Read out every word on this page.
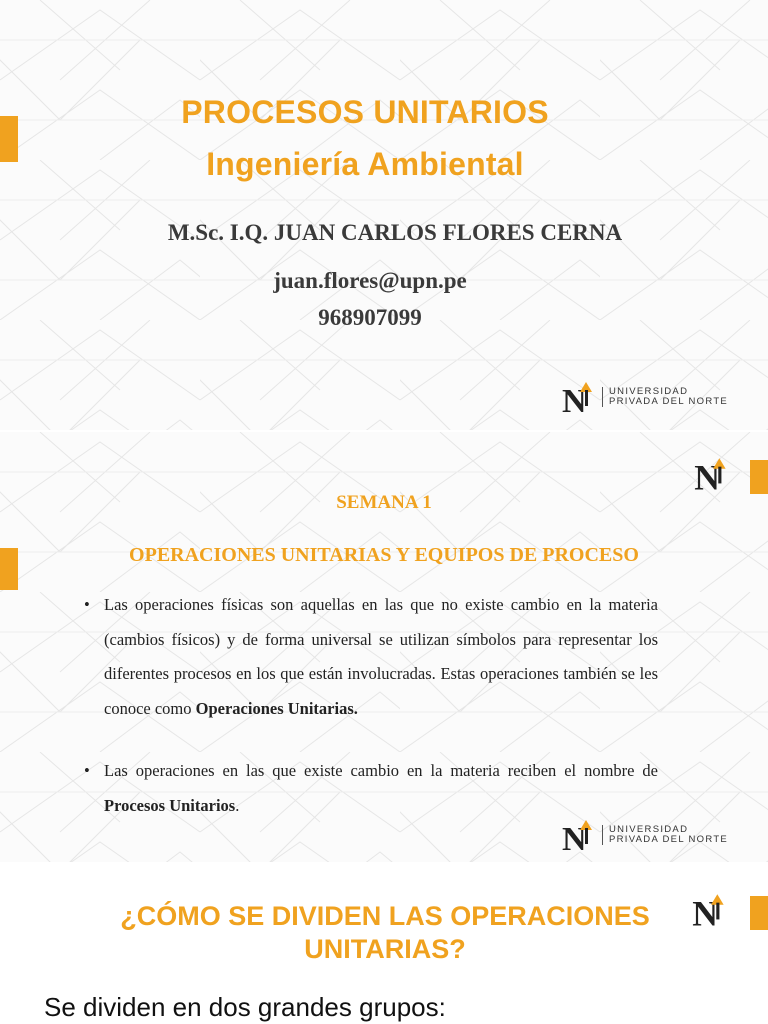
PROCESOS UNITARIOS
Ingeniería Ambiental
M.Sc. I.Q. JUAN CARLOS FLORES CERNA
juan.flores@upn.pe
968907099
UNIVERSIDAD
PRIVADA DEL NORTE
SEMANA 1
OPERACIONES UNITARIAS Y EQUIPOS DE PROCESO
• Las operaciones físicas son aquellas en las que no existe cambio en la materia (cambios físicos) y de forma universal se utilizan símbolos para representar los diferentes procesos en los que están involucradas. Estas operaciones también se les conoce como Operaciones Unitarias.
• Las operaciones en las que existe cambio en la materia reciben el nombre de Procesos Unitarios.
UNIVERSIDAD
PRIVADA DEL NORTE
¿CÓMO SE DIVIDEN LAS OPERACIONES
UNITARIAS?
Se dividen en dos grandes grupos:
